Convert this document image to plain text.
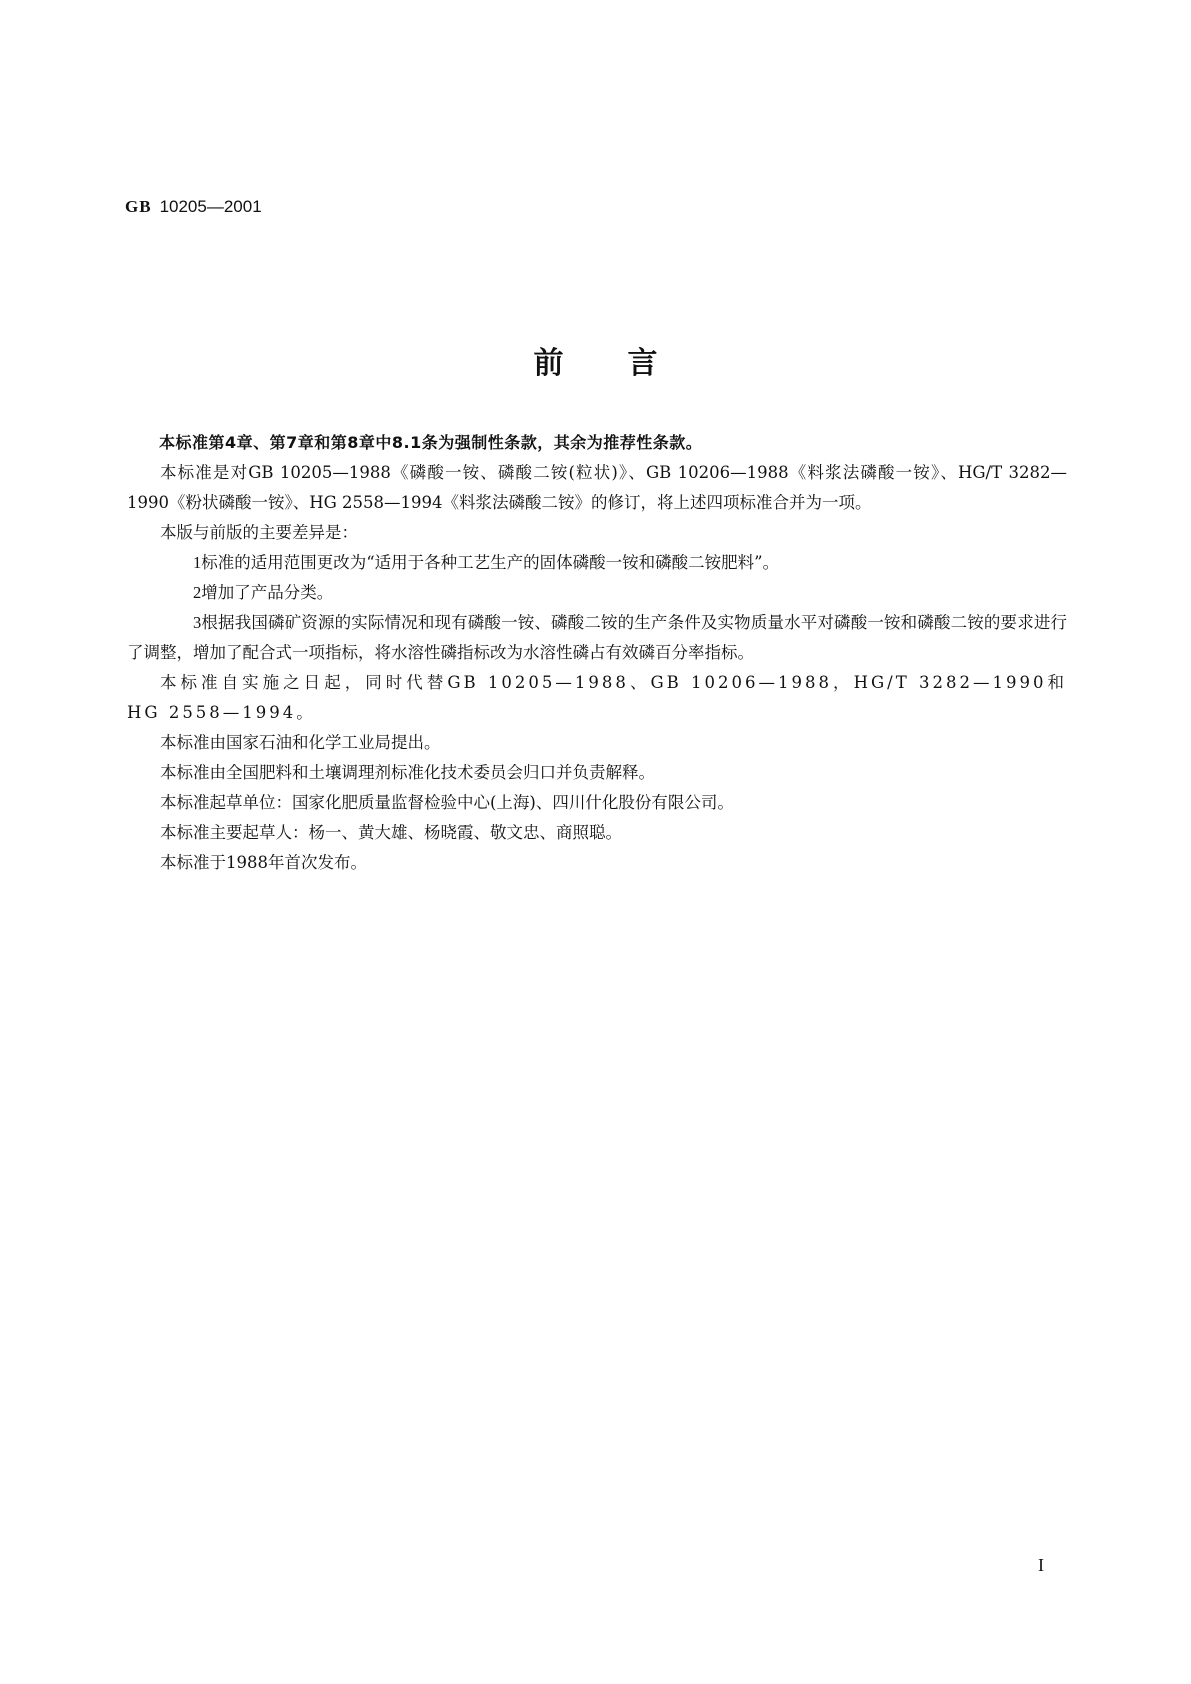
GB 10205—2001
前言

本标准第4章、第7章和第8章中8.1条为强制性条款，其余为推荐性条款。

本标准是对GB 10205—1988《磷酸一铵、磷酸二铵(粒状)》、GB 10206—1988《料浆法磷酸一铵》、HG/T 3282—1990《粉状磷酸一铵》、HG 2558—1994《料浆法磷酸二铵》的修订，将上述四项标准合并为一项。

本版与前版的主要差异是：

1标准的适用范围更改为“适用于各种工艺生产的固体磷酸一铵和磷酸二铵肥料”。

2增加了产品分类。

3根据我国磷矿资源的实际情况和现有磷酸一铵、磷酸二铵的生产条件及实物质量水平对磷酸一铵和磷酸二铵的要求进行了调整，增加了配合式一项指标，将水溶性磷指标改为水溶性磷占有效磷百分率指标。

本标准自实施之日起，同时代替GB 10205—1988、GB 10206—1988，HG/T 3282—1990和HG 2558—1994。

本标准由国家石油和化学工业局提出。

本标准由全国肥料和土壤调理剂标准化技术委员会归口并负责解释。

本标准起草单位：国家化肥质量监督检验中心(上海)、四川什化股份有限公司。

本标准主要起草人：杨一、黄大雄、杨晓霞、敬文忠、商照聪。

本标准于1988年首次发布。

I
